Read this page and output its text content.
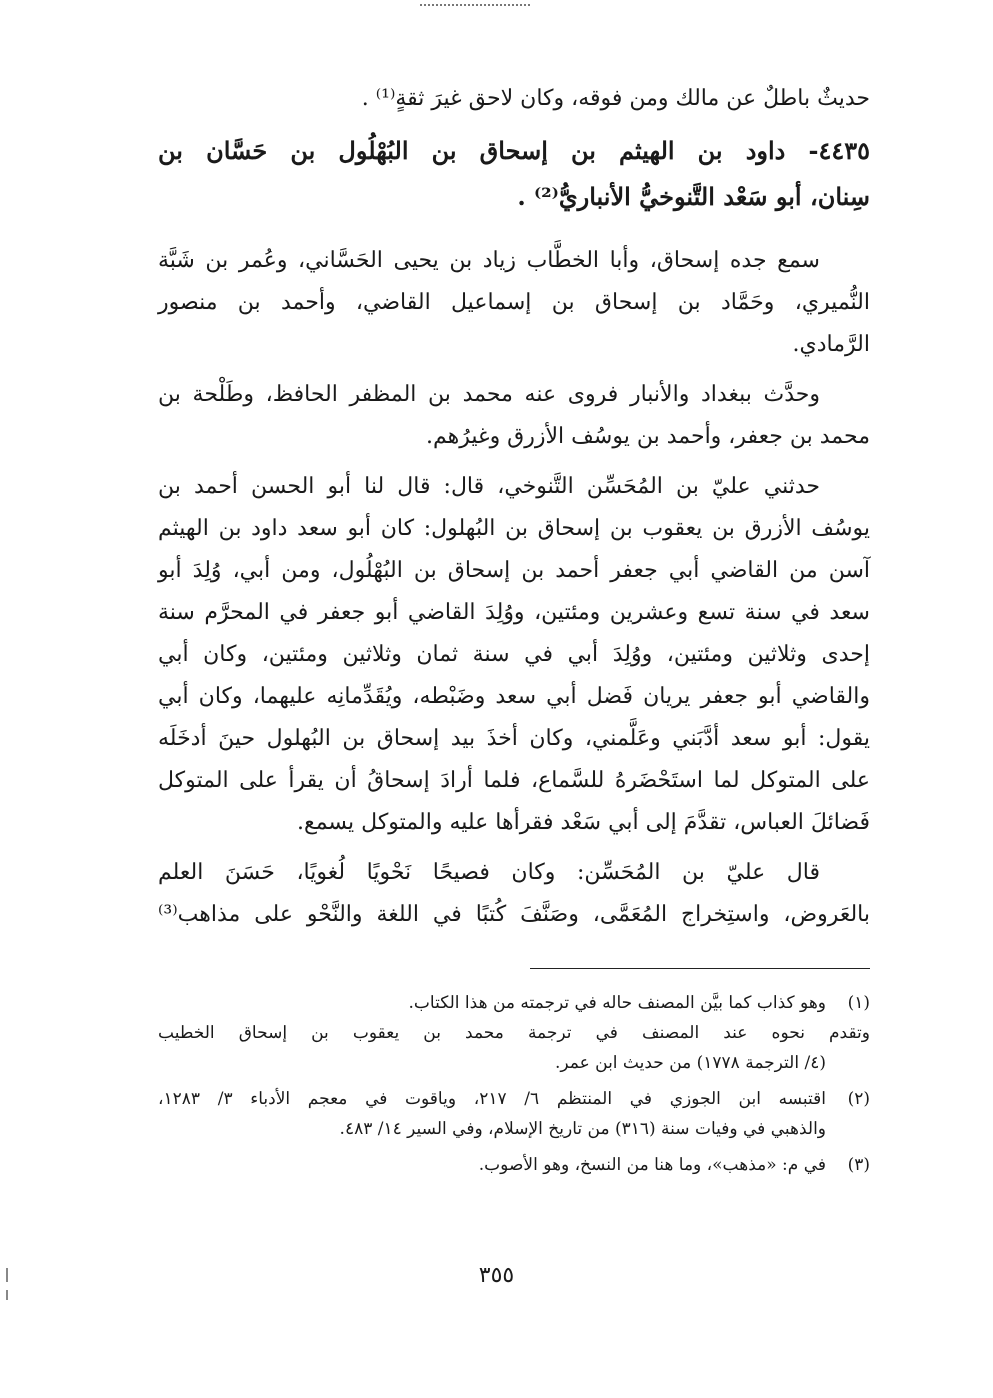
حديثٌ باطلٌ عن مالك ومن فوقه، وكان لاحق غيرَ ثقةٍ⁽¹⁾ .
٤٤٣٥- داود بن الهيثم بن إسحاق بن البُهْلُول بن حَسَّان بن
سِنان، أبو سَعْد التَّنوخيُّ الأنباريُّ⁽²⁾ .
سمع جده إسحاق، وأبا الخطَّاب زياد بن يحيى الحَسَّاني، وعُمر بن شَبَّة
النُّميري، وحَمَّاد بن إسحاق بن إسماعيل القاضي، وأحمد بن منصور
الرَّمادي.
وحدَّث ببغداد والأنبار فروى عنه محمد بن المظفر الحافظ، وطَلْحة بن
محمد بن جعفر، وأحمد بن يوسُف الأزرق وغيرُهم.
حدثني عليّ بن المُحَسِّن التَّنوخي، قال: قال لنا أبو الحسن أحمد بن
يوسُف الأزرق بن يعقوب بن إسحاق بن البُهلول: كان أبو سعد داود بن الهيثم
آسن من القاضي أبي جعفر أحمد بن إسحاق بن البُهْلُول، ومن أبي، وُلِدَ أبو
سعد في سنة تسع وعشرين ومئتين، ووُلِدَ القاضي أبو جعفر في المحرَّم سنة
إحدى وثلاثين ومئتين، ووُلِدَ أبي في سنة ثمان وثلاثين ومئتين، وكان أبي
والقاضي أبو جعفر يريان فَضل أبي سعد وضَبْطه، ويُقَدِّمانِه عليهما، وكان أبي
يقول: أبو سعد أدَّبَني وعَلَّمني، وكان أخذَ بيد إسحاق بن البُهلول حينَ أدخَلَه
على المتوكل لما استَحْضَرهُ للسَّماع، فلما أرادَ إسحاقُ أن يقرأ على المتوكل
فَضائلَ العباس، تقدَّمَ إلى أبي سَعْد فقرأها عليه والمتوكل يسمع.
قال عليّ بن المُحَسِّن: وكان فصيحًا نَحْويًا لُغويًا، حَسَنَ العلم
بالعَروض، واستِخراج المُعَمَّى، وصَنَّفَ كُتبًا في اللغة والنَّحْو على مذاهب⁽³⁾
(١)
وهو كذاب كما بيَّن المصنف حاله في ترجمته من هذا الكتاب.
وتقدم نحوه عند المصنف في ترجمة محمد بن يعقوب بن إسحاق الخطيب
(٤/ الترجمة ١٧٧٨) من حديث ابن عمر.
(٢)
اقتبسه ابن الجوزي في المنتظم ٦/ ٢١٧، وياقوت في معجم الأدباء ٣/ ١٢٨٣،
والذهبي في وفيات سنة (٣١٦) من تاريخ الإسلام، وفي السير ١٤/ ٤٨٣.
(٣)
في م: «مذهب»، وما هنا من النسخ، وهو الأصوب.
٣٥٥
